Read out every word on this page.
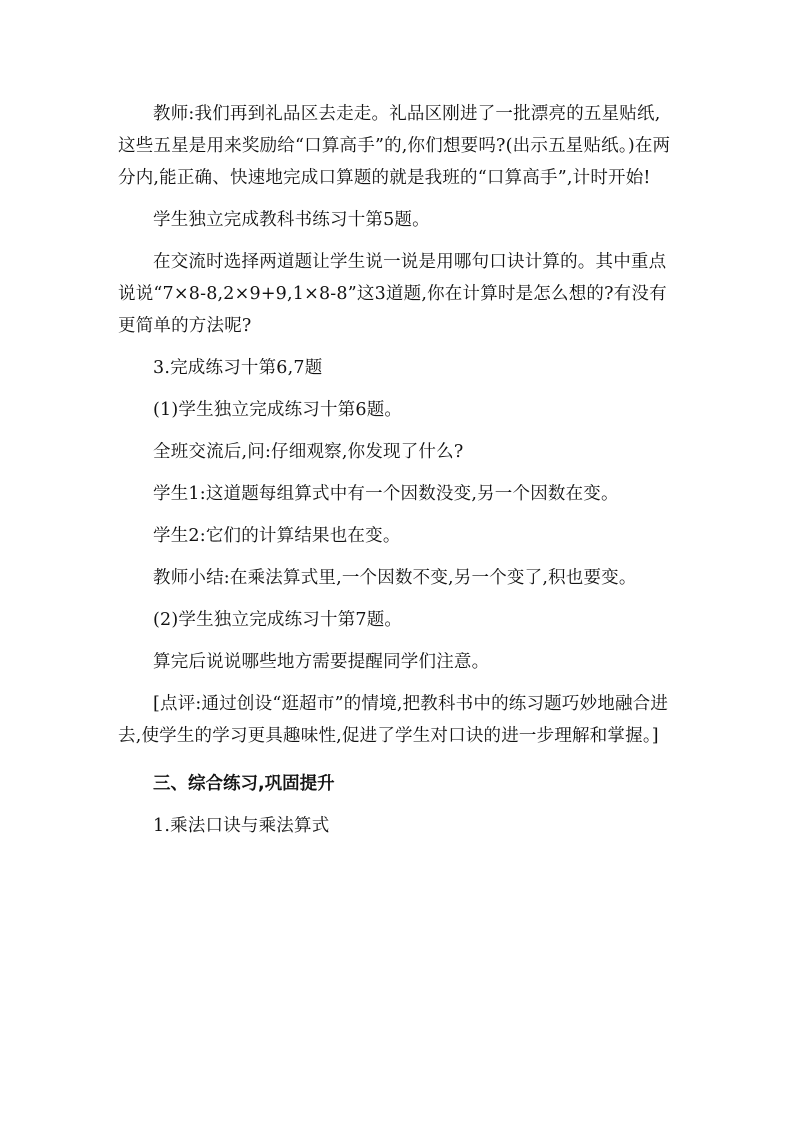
教师:我们再到礼品区去走走。礼品区刚进了一批漂亮的五星贴纸,这些五星是用来奖励给“口算高手”的,你们想要吗?(出示五星贴纸。)在两分内,能正确、快速地完成口算题的就是我班的“口算高手”,计时开始!

学生独立完成教科书练习十第5题。

在交流时选择两道题让学生说一说是用哪句口诀计算的。其中重点说说“7×8-8,2×9+9,1×8-8”这3道题,你在计算时是怎么想的?有没有更简单的方法呢?

3.完成练习十第6,7题

(1)学生独立完成练习十第6题。

全班交流后,问:仔细观察,你发现了什么?

学生1:这道题每组算式中有一个因数没变,另一个因数在变。

学生2:它们的计算结果也在变。

教师小结:在乘法算式里,一个因数不变,另一个变了,积也要变。

(2)学生独立完成练习十第7题。

算完后说说哪些地方需要提醒同学们注意。

[点评:通过创设“逛超市”的情境,把教科书中的练习题巧妙地融合进去,使学生的学习更具趣味性,促进了学生对口诀的进一步理解和掌握。]

三、综合练习,巩固提升

1.乘法口诀与乘法算式
